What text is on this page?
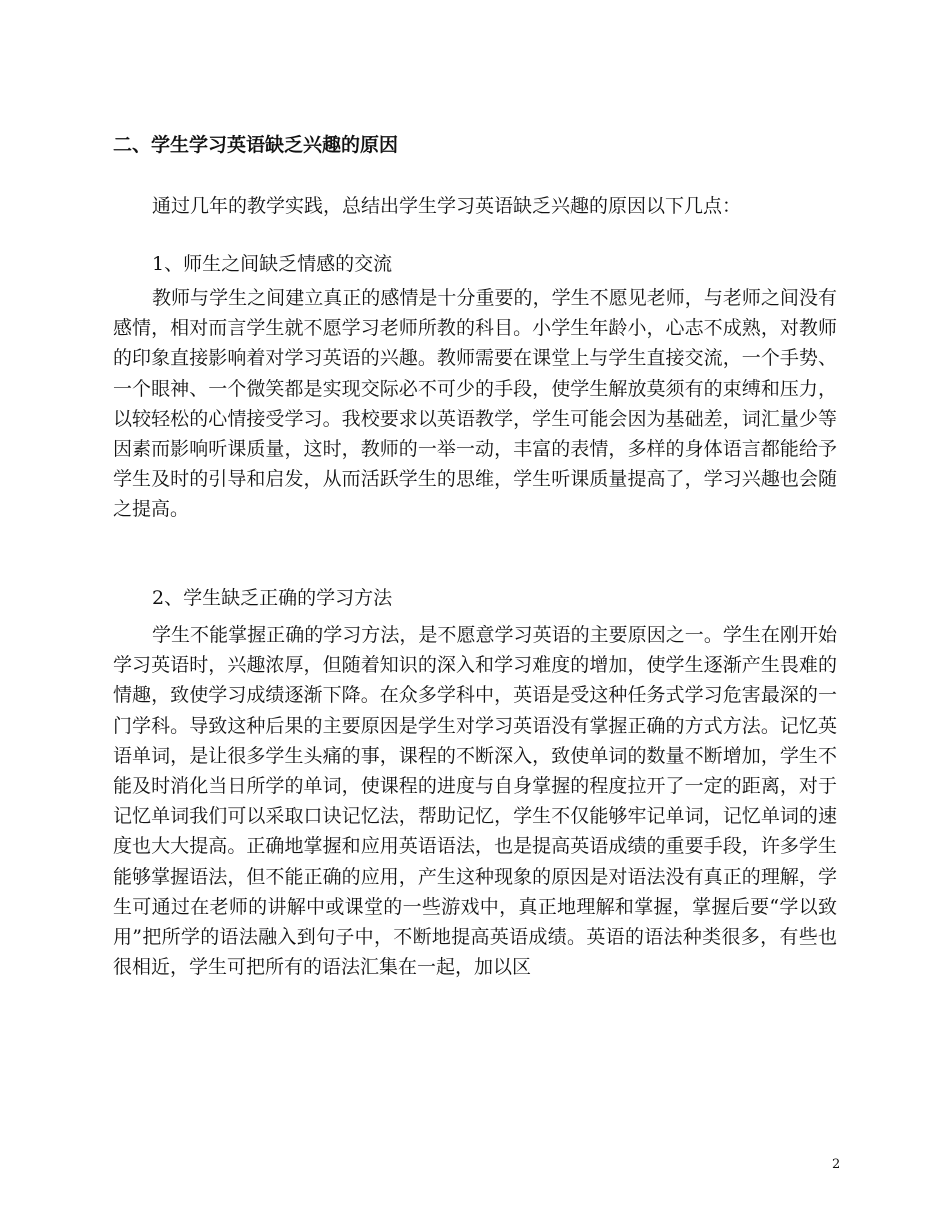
二、学生学习英语缺乏兴趣的原因
通过几年的教学实践，总结出学生学习英语缺乏兴趣的原因以下几点：
1、师生之间缺乏情感的交流

教师与学生之间建立真正的感情是十分重要的，学生不愿见老师，与老师之间没有感情，相对而言学生就不愿学习老师所教的科目。小学生年龄小，心志不成熟，对教师的印象直接影响着对学习英语的兴趣。教师需要在课堂上与学生直接交流，一个手势、一个眼神、一个微笑都是实现交际必不可少的手段，使学生解放莫须有的束缚和压力，以较轻松的心情接受学习。我校要求以英语教学，学生可能会因为基础差，词汇量少等因素而影响听课质量，这时，教师的一举一动，丰富的表情，多样的身体语言都能给予学生及时的引导和启发，从而活跃学生的思维，学生听课质量提高了，学习兴趣也会随之提高。

2、学生缺乏正确的学习方法

学生不能掌握正确的学习方法，是不愿意学习英语的主要原因之一。学生在刚开始学习英语时，兴趣浓厚，但随着知识的深入和学习难度的增加，使学生逐渐产生畏难的情趣，致使学习成绩逐渐下降。在众多学科中，英语是受这种任务式学习危害最深的一门学科。导致这种后果的主要原因是学生对学习英语没有掌握正确的方式方法。记忆英语单词，是让很多学生头痛的事，课程的不断深入，致使单词的数量不断增加，学生不能及时消化当日所学的单词，使课程的进度与自身掌握的程度拉开了一定的距离，对于记忆单词我们可以采取口诀记忆法，帮助记忆，学生不仅能够牢记单词，记忆单词的速度也大大提高。正确地掌握和应用英语语法，也是提高英语成绩的重要手段，许多学生能够掌握语法，但不能正确的应用，产生这种现象的原因是对语法没有真正的理解，学生可通过在老师的讲解中或课堂的一些游戏中，真正地理解和掌握，掌握后要“学以致用”把所学的语法融入到句子中，不断地提高英语成绩。英语的语法种类很多，有些也很相近，学生可把所有的语法汇集在一起，加以区

2
